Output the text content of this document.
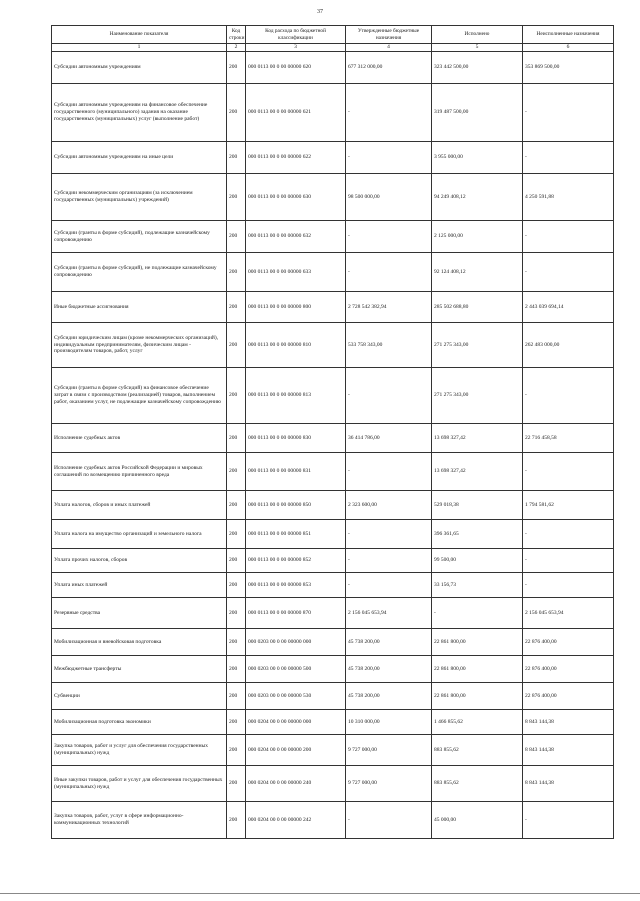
37
Наименование показателя	Код строки	Код расхода по бюджетной классификации	Утвержденные бюджетные назначения	Исполнено	Неисполненные назначения
1	2	3	4	5	6
Субсидии автономным учреждениям	200	000 0113 00 0 00 00000 620	677 312 000,00	323 442 500,00	353 869 500,00
Субсидии автономным учреждениям на финансовое обеспечение государственного (муниципального) задания на оказание государственных (муниципальных) услуг (выполнение работ)	200	000 0113 00 0 00 00000 621	-	319 487 500,00	-
Субсидии автономным учреждениям на иные цели	200	000 0113 00 0 00 00000 622	-	3 955 000,00	-
Субсидии некоммерческим организациям (за исключением государственных (муниципальных) учреждений)	200	000 0113 00 0 00 00000 630	98 500 000,00	94 249 408,12	4 250 591,88
Субсидии (гранты в форме субсидий), подлежащие казначейскому сопровождению	200	000 0113 00 0 00 00000 632	-	2 125 000,00	-
Субсидии (гранты в форме субсидий), не подлежащие казначейскому сопровождению	200	000 0113 00 0 00 00000 633	-	92 124 408,12	-
Иные бюджетные ассигнования	200	000 0113 00 0 00 00000 800	2 728 542 382,94	285 502 688,80	2 443 039 694,14
Субсидии юридическим лицам (кроме некоммерческих организаций), индивидуальным предпринимателям, физическим лицам - производителям товаров, работ, услуг	200	000 0113 00 0 00 00000 810	533 758 343,00	271 275 343,00	262 483 000,00
Субсидии (гранты в форме субсидий) на финансовое обеспечение затрат в связи с производством (реализацией) товаров, выполнением работ, оказанием услуг, не подлежащие казначейскому сопровождению	200	000 0113 00 0 00 00000 813	-	271 275 343,00	-
Исполнение судебных актов	200	000 0113 00 0 00 00000 830	36 414 786,00	13 698 327,42	22 716 458,58
Исполнение судебных актов Российской Федерации и мировых соглашений по возмещению причиненного вреда	200	000 0113 00 0 00 00000 831	-	13 698 327,42	-
Уплата налогов, сборов и иных платежей	200	000 0113 00 0 00 00000 850	2 323 600,00	529 018,38	1 794 581,62
Уплата налога на имущество организаций и земельного налога	200	000 0113 00 0 00 00000 851	-	396 361,65	-
Уплата прочих налогов, сборов	200	000 0113 00 0 00 00000 852	-	99 500,00	-
Уплата иных платежей	200	000 0113 00 0 00 00000 853	-	33 156,73	-
Резервные средства	200	000 0113 00 0 00 00000 870	2 156 045 653,94	-	2 156 045 653,94
Мобилизационная и вневойсковая подготовка	200	000 0203 00 0 00 00000 000	45 738 200,00	22 861 800,00	22 876 400,00
Межбюджетные трансферты	200	000 0203 00 0 00 00000 500	45 738 200,00	22 861 800,00	22 876 400,00
Субвенции	200	000 0203 00 0 00 00000 530	45 738 200,00	22 861 800,00	22 876 400,00
Мобилизационная подготовка экономики	200	000 0204 00 0 00 00000 000	10 310 000,00	1 466 855,62	8 843 144,38
Закупка товаров, работ и услуг для обеспечения государственных (муниципальных) нужд	200	000 0204 00 0 00 00000 200	9 727 000,00	883 855,62	8 843 144,38
Иные закупки товаров, работ и услуг для обеспечения государственных (муниципальных) нужд	200	000 0204 00 0 00 00000 240	9 727 000,00	883 855,62	8 843 144,38
Закупка товаров, работ, услуг в сфере информационно-коммуникационных технологий	200	000 0204 00 0 00 00000 242	-	45 000,00	-
